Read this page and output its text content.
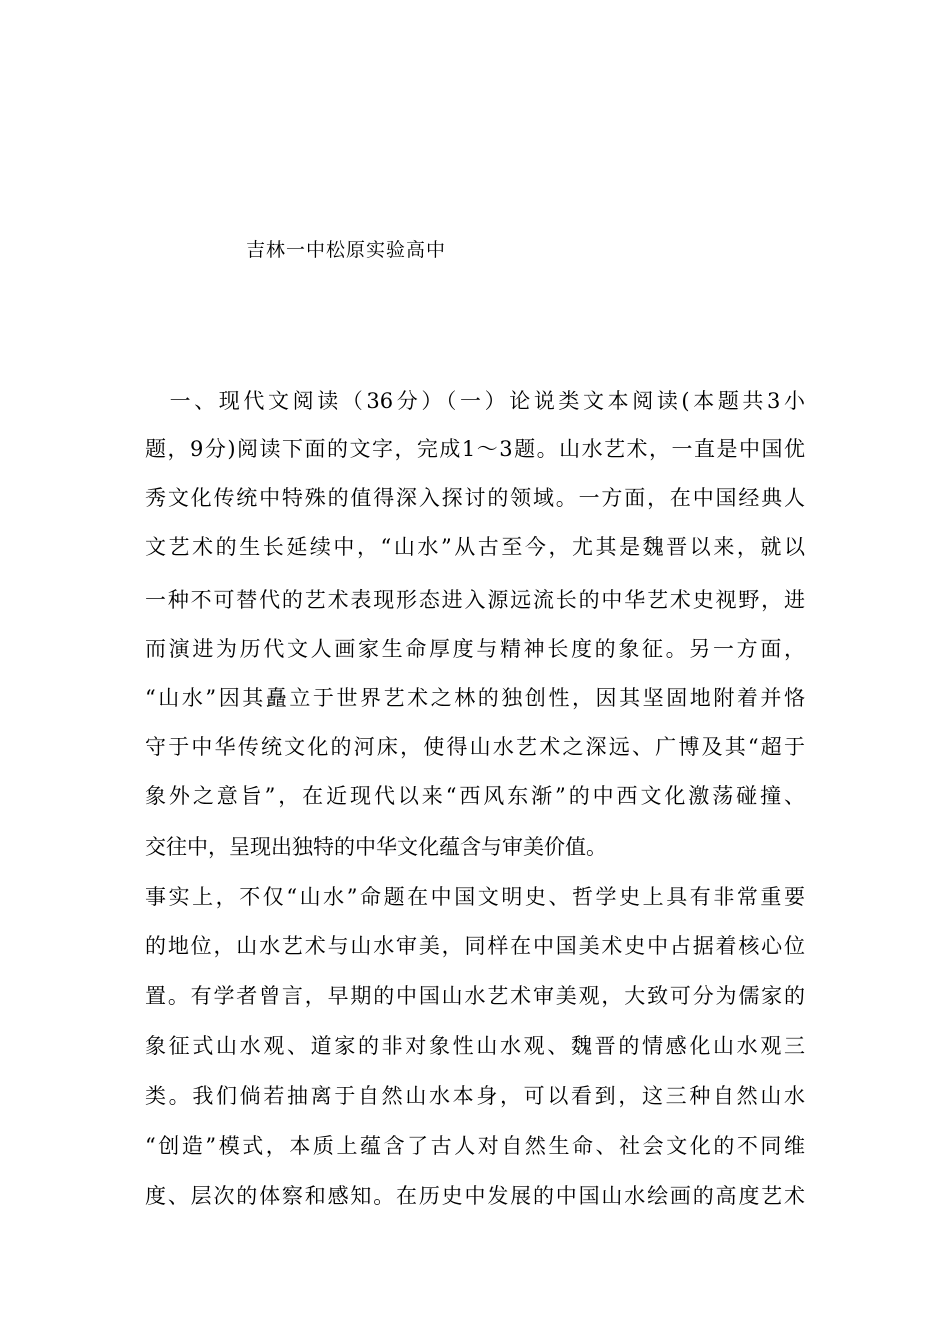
吉林一中松原实验高中
　一、现代文阅读（36分）（一）论说类文本阅读(本题共3小
题，9分)阅读下面的文字，完成1～3题。山水艺术，一直是中国优
秀文化传统中特殊的值得深入探讨的领域。一方面，在中国经典人
文艺术的生长延续中，“山水”从古至今，尤其是魏晋以来，就以
一种不可替代的艺术表现形态进入源远流长的中华艺术史视野，进
而演进为历代文人画家生命厚度与精神长度的象征。另一方面，
“山水”因其矗立于世界艺术之林的独创性，因其坚固地附着并恪
守于中华传统文化的河床，使得山水艺术之深远、广博及其“超于
象外之意旨”，在近现代以来“西风东渐”的中西文化激荡碰撞、
交往中，呈现出独特的中华文化蕴含与审美价值。
事实上，不仅“山水”命题在中国文明史、哲学史上具有非常重要
的地位，山水艺术与山水审美，同样在中国美术史中占据着核心位
置。有学者曾言，早期的中国山水艺术审美观，大致可分为儒家的
象征式山水观、道家的非对象性山水观、魏晋的情感化山水观三
类。我们倘若抽离于自然山水本身，可以看到，这三种自然山水
“创造”模式，本质上蕴含了古人对自然生命、社会文化的不同维
度、层次的体察和感知。在历史中发展的中国山水绘画的高度艺术
